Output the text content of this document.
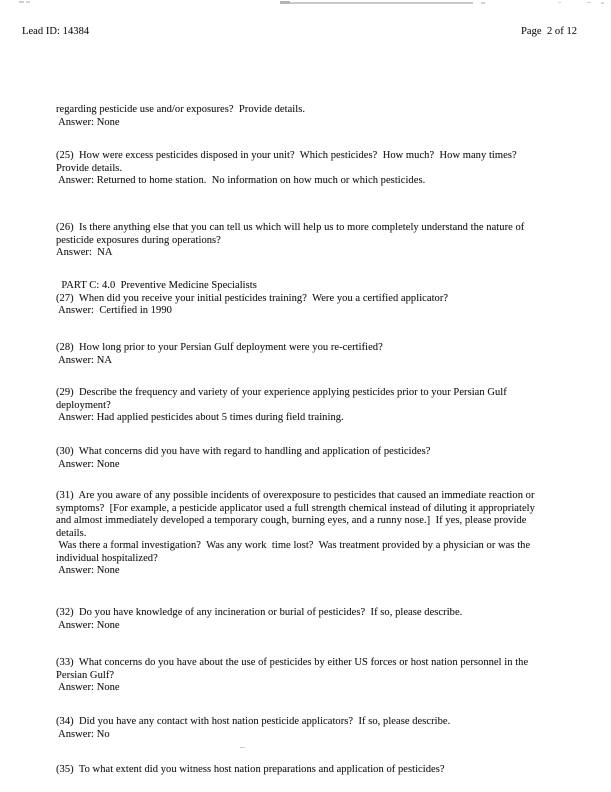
Lead ID: 14384	Page  2 of 12
regarding pesticide use and/or exposures?  Provide details.
Answer: None
(25)  How were excess pesticides disposed in your unit?  Which pesticides?  How much?  How many times?
Provide details.
Answer: Returned to home station.  No information on how much or which pesticides.
(26)  Is there anything else that you can tell us which will help us to more completely understand the nature of
pesticide exposures during operations?
Answer:  NA
PART C: 4.0  Preventive Medicine Specialists
(27)  When did you receive your initial pesticides training?  Were you a certified applicator?
Answer:  Certified in 1990
(28)  How long prior to your Persian Gulf deployment were you re-certified?
Answer: NA
(29)  Describe the frequency and variety of your experience applying pesticides prior to your Persian Gulf
deployment?
Answer: Had applied pesticides about 5 times during field training.
(30)  What concerns did you have with regard to handling and application of pesticides?
Answer: None
(31)  Are you aware of any possible incidents of overexposure to pesticides that caused an immediate reaction or
symptoms?  [For example, a pesticide applicator used a full strength chemical instead of diluting it appropriately
and almost immediately developed a temporary cough, burning eyes, and a runny nose.]  If yes, please provide
details.
Was there a formal investigation?  Was any work  time lost?  Was treatment provided by a physician or was the
individual hospitalized?
Answer: None
(32)  Do you have knowledge of any incineration or burial of pesticides?  If so, please describe.
Answer: None
(33)  What concerns do you have about the use of pesticides by either US forces or host nation personnel in the
Persian Gulf?
Answer: None
(34)  Did you have any contact with host nation pesticide applicators?  If so, please describe.
Answer: No
(35)  To what extent did you witness host nation preparations and application of pesticides?
